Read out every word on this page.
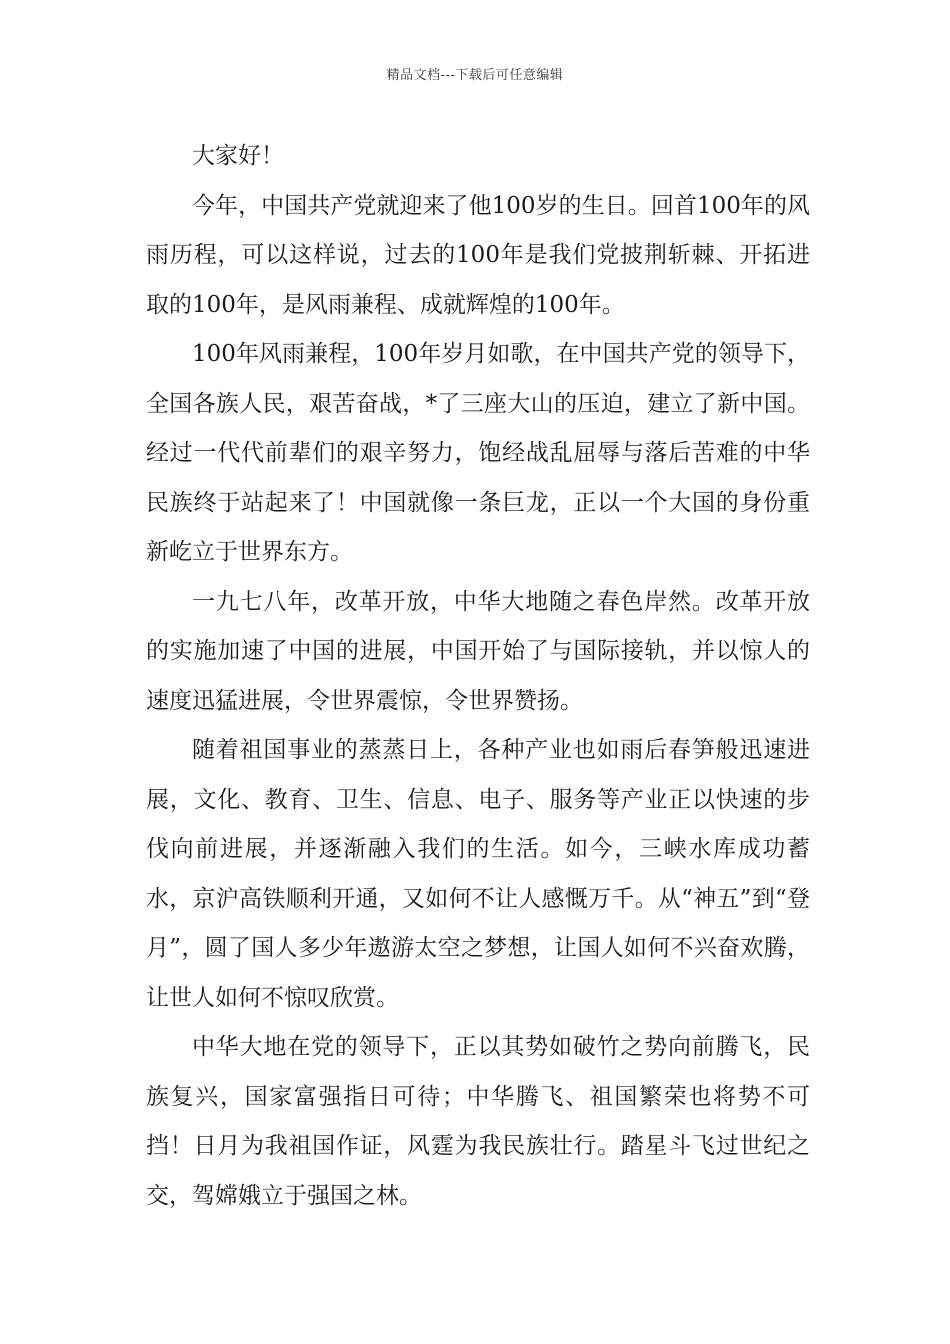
精品文档---下载后可任意编辑

大家好！

今年，中国共产党就迎来了他100岁的生日。回首100年的风雨历程，可以这样说，过去的100年是我们党披荆斩棘、开拓进取的100年，是风雨兼程、成就辉煌的100年。

100年风雨兼程，100年岁月如歌，在中国共产党的领导下，全国各族人民，艰苦奋战，*了三座大山的压迫，建立了新中国。经过一代代前辈们的艰辛努力，饱经战乱屈辱与落后苦难的中华民族终于站起来了！中国就像一条巨龙，正以一个大国的身份重新屹立于世界东方。

一九七八年，改革开放，中华大地随之春色岸然。改革开放的实施加速了中国的进展，中国开始了与国际接轨，并以惊人的速度迅猛进展，令世界震惊，令世界赞扬。

随着祖国事业的蒸蒸日上，各种产业也如雨后春笋般迅速进展，文化、教育、卫生、信息、电子、服务等产业正以快速的步伐向前进展，并逐渐融入我们的生活。如今，三峡水库成功蓄水，京沪高铁顺利开通，又如何不让人感慨万千。从“神五”到“登月”，圆了国人多少年遨游太空之梦想，让国人如何不兴奋欢腾，让世人如何不惊叹欣赏。

中华大地在党的领导下，正以其势如破竹之势向前腾飞，民族复兴，国家富强指日可待；中华腾飞、祖国繁荣也将势不可挡！日月为我祖国作证，风霆为我民族壮行。踏星斗飞过世纪之交，驾嫦娥立于强国之林。
